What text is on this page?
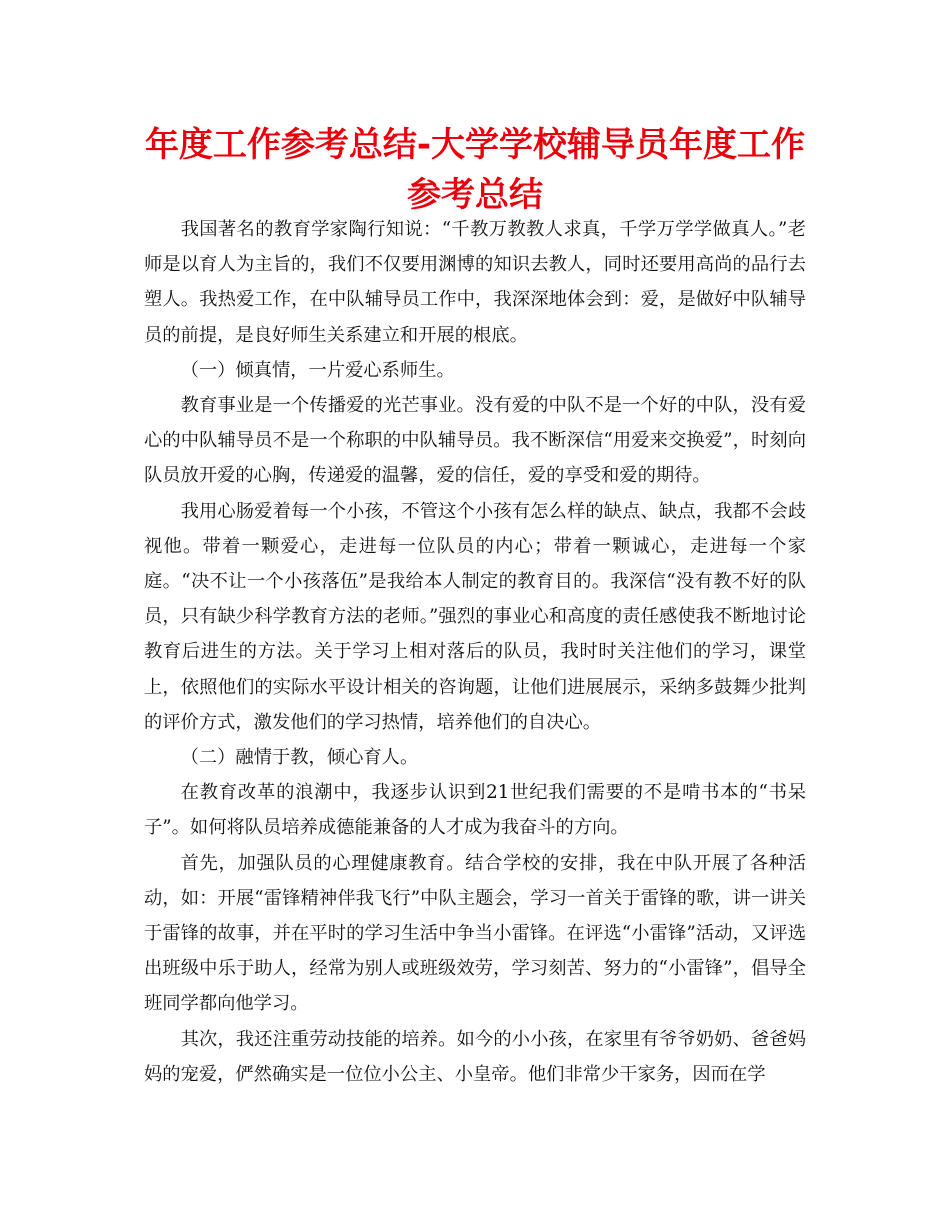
年度工作参考总结-大学学校辅导员年度工作参考总结

我国著名的教育学家陶行知说：“千教万教教人求真，千学万学学做真人。”老师是以育人为主旨的，我们不仅要用渊博的知识去教人，同时还要用高尚的品行去塑人。我热爱工作，在中队辅导员工作中，我深深地体会到：爱，是做好中队辅导员的前提，是良好师生关系建立和开展的根底。

（一）倾真情，一片爱心系师生。

教育事业是一个传播爱的光芒事业。没有爱的中队不是一个好的中队，没有爱心的中队辅导员不是一个称职的中队辅导员。我不断深信“用爱来交换爱”，时刻向队员放开爱的心胸，传递爱的温馨，爱的信任，爱的享受和爱的期待。

我用心肠爱着每一个小孩，不管这个小孩有怎么样的缺点、缺点，我都不会歧视他。带着一颗爱心，走进每一位队员的内心；带着一颗诚心，走进每一个家庭。“决不让一个小孩落伍”是我给本人制定的教育目的。我深信“没有教不好的队员，只有缺少科学教育方法的老师。”强烈的事业心和高度的责任感使我不断地讨论教育后进生的方法。关于学习上相对落后的队员，我时时关注他们的学习，课堂上，依照他们的实际水平设计相关的咨询题，让他们进展展示，采纳多鼓舞少批判的评价方式，激发他们的学习热情，培养他们的自决心。

（二）融情于教，倾心育人。

在教育改革的浪潮中，我逐步认识到21世纪我们需要的不是啃书本的“书呆子”。如何将队员培养成德能兼备的人才成为我奋斗的方向。

首先，加强队员的心理健康教育。结合学校的安排，我在中队开展了各种活动，如：开展“雷锋精神伴我飞行”中队主题会，学习一首关于雷锋的歌，讲一讲关于雷锋的故事，并在平时的学习生活中争当小雷锋。在评选“小雷锋”活动，又评选出班级中乐于助人，经常为别人或班级效劳，学习刻苦、努力的“小雷锋”，倡导全班同学都向他学习。

其次，我还注重劳动技能的培养。如今的小小孩，在家里有爷爷奶奶、爸爸妈妈的宠爱，俨然确实是一位位小公主、小皇帝。他们非常少干家务，因而在学
